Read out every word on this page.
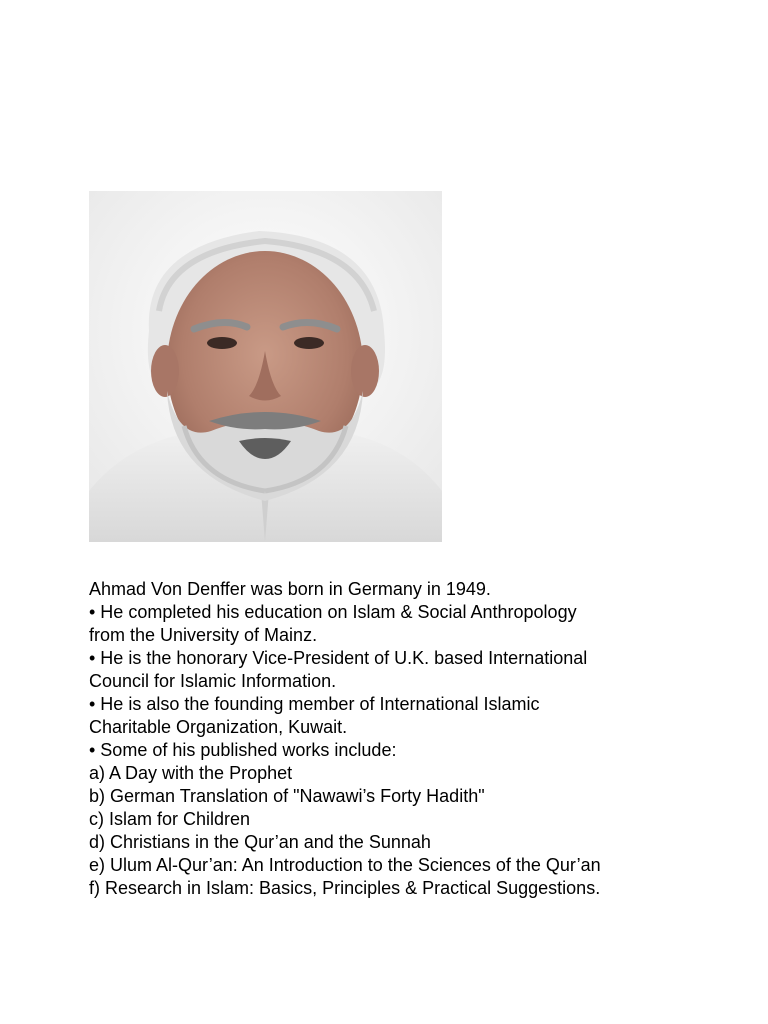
Ahmad Von Denffer was born in Germany in 1949.
• He completed his education on Islam & Social Anthropology
from the University of Mainz.
• He is the honorary Vice-President of U.K. based International
Council for Islamic Information.
• He is also the founding member of International Islamic
Charitable Organization, Kuwait.
• Some of his published works include:
a) A Day with the Prophet
b) German Translation of "Nawawi’s Forty Hadith"
c) Islam for Children
d) Christians in the Qur’an and the Sunnah
e) Ulum Al-Qur’an: An Introduction to the Sciences of the Qur’an
f) Research in Islam: Basics, Principles & Practical Suggestions.
